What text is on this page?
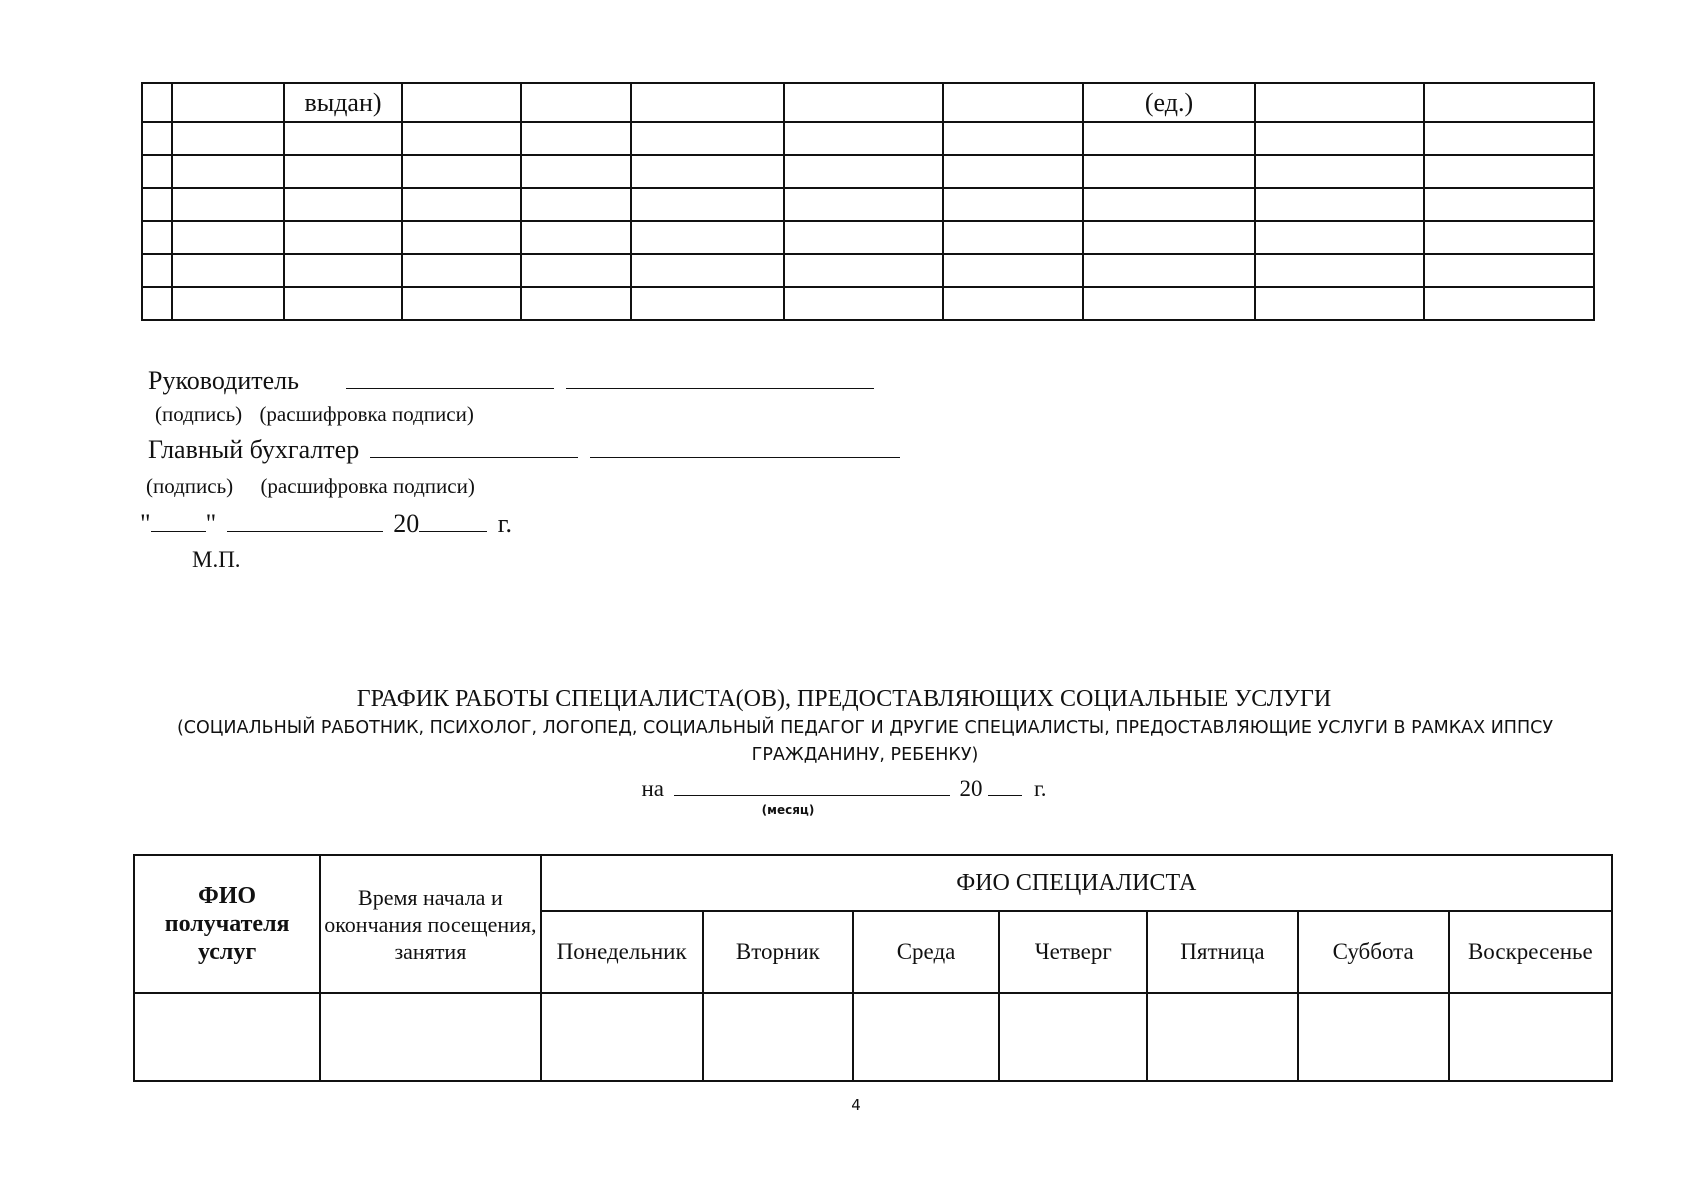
		выдан)						(ед.)		

Руководитель
(подпись) (расшифровка подписи)
Главный бухгалтер
(подпись) (расшифровка подписи)
" "	20	г.
М.П.
ГРАФИК РАБОТЫ СПЕЦИАЛИСТА(ОВ), ПРЕДОСТАВЛЯЮЩИХ СОЦИАЛЬНЫЕ УСЛУГИ
(СОЦИАЛЬНЫЙ РАБОТНИК, ПСИХОЛОГ, ЛОГОПЕД, СОЦИАЛЬНЫЙ ПЕДАГОГ И ДРУГИЕ СПЕЦИАЛИСТЫ, ПРЕДОСТАВЛЯЮЩИЕ УСЛУГИ В РАМКАХ ИППСУ ГРАЖДАНИНУ, РЕБЕНКУ)
на	20 г.
(месяц)
ФИО получателя услуг	Время начала и окончания посещения, занятия	ФИО СПЕЦИАЛИСТА						
		Понедельник	Вторник	Среда	Четверг	Пятница	Суббота	Воскресенье

4
